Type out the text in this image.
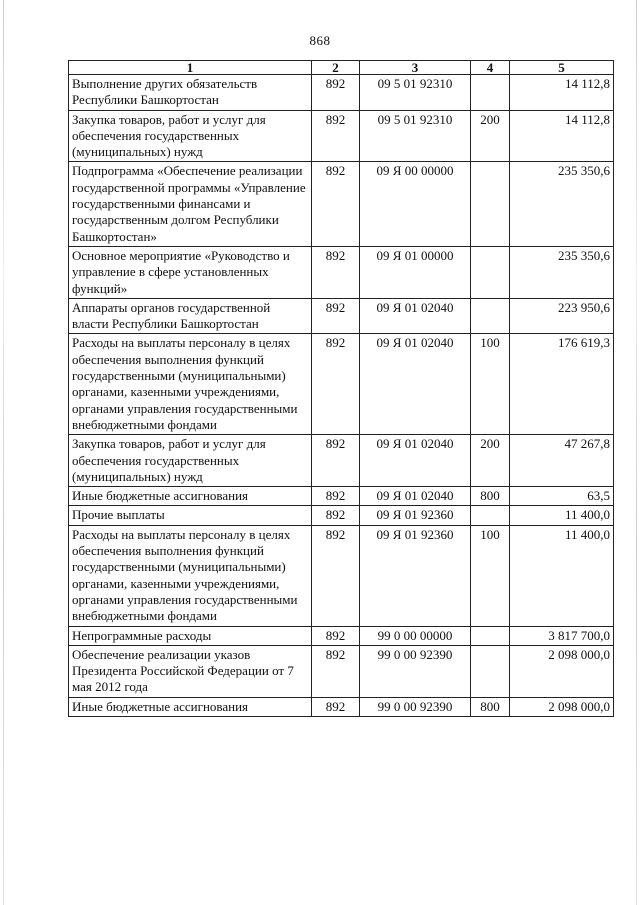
868
1	2	3	4	5
Выполнение других обязательств Республики Башкортостан	892	09 5 01 92310		14 112,8
Закупка товаров, работ и услуг для обеспечения государственных (муниципальных) нужд	892	09 5 01 92310	200	14 112,8
Подпрограмма «Обеспечение реализации государственной программы «Управление государственными финансами и государственным долгом Республики Башкортостан»	892	09 Я 00 00000		235 350,6
Основное мероприятие «Руководство и управление в сфере установленных функций»	892	09 Я 01 00000		235 350,6
Аппараты органов государственной власти Республики Башкортостан	892	09 Я 01 02040		223 950,6
Расходы на выплаты персоналу в целях обеспечения выполнения функций государственными (муниципальными) органами, казенными учреждениями, органами управления государственными внебюджетными фондами	892	09 Я 01 02040	100	176 619,3
Закупка товаров, работ и услуг для обеспечения государственных (муниципальных) нужд	892	09 Я 01 02040	200	47 267,8
Иные бюджетные ассигнования	892	09 Я 01 02040	800	63,5
Прочие выплаты	892	09 Я 01 92360		11 400,0
Расходы на выплаты персоналу в целях обеспечения выполнения функций государственными (муниципальными) органами, казенными учреждениями, органами управления государственными внебюджетными фондами	892	09 Я 01 92360	100	11 400,0
Непрограммные расходы	892	99 0 00 00000		3 817 700,0
Обеспечение реализации указов Президента Российской Федерации от 7 мая 2012 года	892	99 0 00 92390		2 098 000,0
Иные бюджетные ассигнования	892	99 0 00 92390	800	2 098 000,0
